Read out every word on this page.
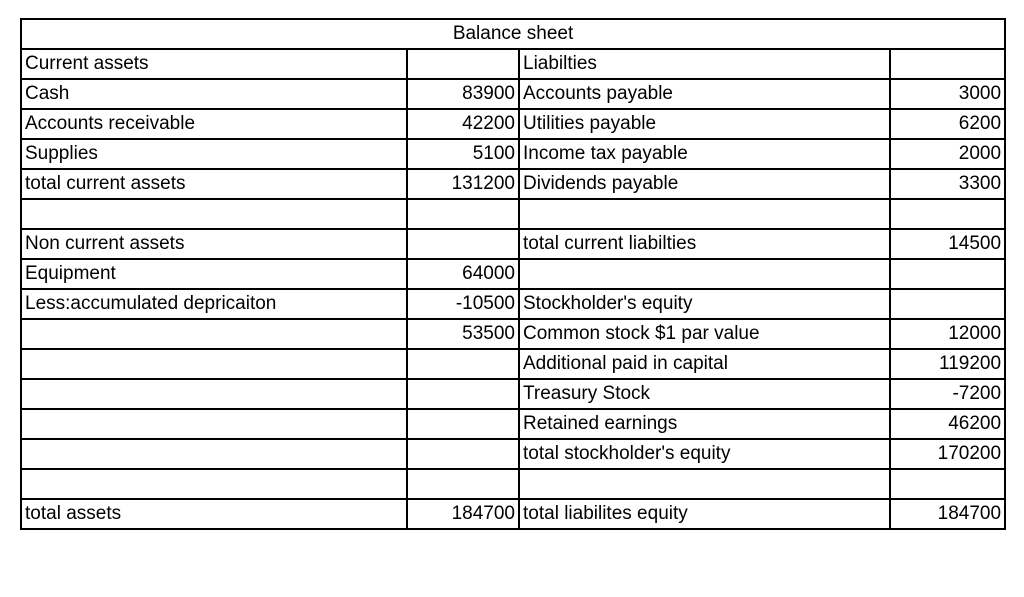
Balance sheet			
Current assets		Liabilties	
Cash	83900	Accounts payable	3000
Accounts receivable	42200	Utilities payable	6200
Supplies	5100	Income tax payable	2000
total current assets	131200	Dividends payable	3300

Non current assets		total current liabilties	14500
Equipment	64000		
Less:accumulated depricaiton	-10500	Stockholder's equity	
	53500	Common stock $1 par value	12000
		Additional paid in capital	119200
		Treasury Stock	-7200
		Retained earnings	46200
		total stockholder's equity	170200

total assets	184700	total liabilites equity	184700
